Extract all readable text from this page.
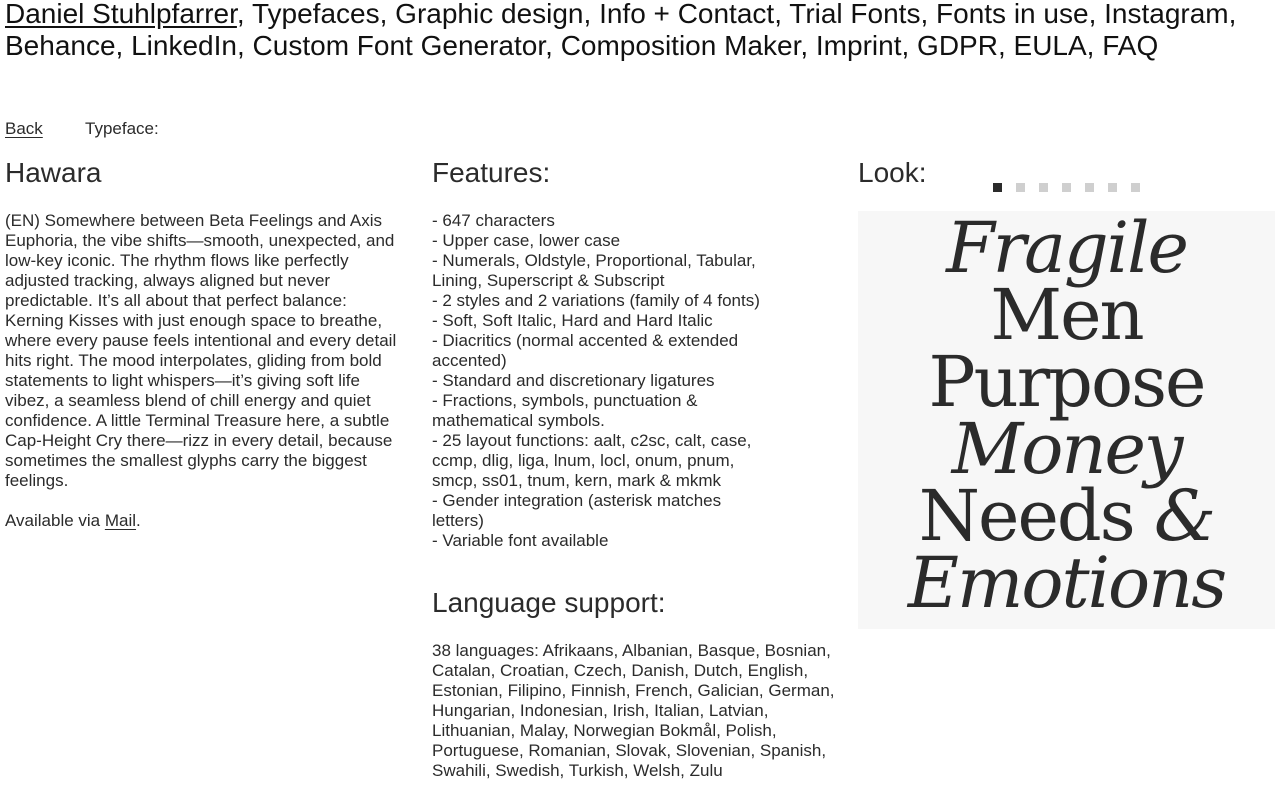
Daniel Stuhlpfarrer, Typefaces, Graphic design, Info + Contact, Trial Fonts, Fonts in use, Instagram, Behance, LinkedIn, Custom Font Generator, Composition Maker, Imprint, GDPR, EULA, FAQ
Back Typeface:
Hawara
(EN) Somewhere between Beta Feelings and Axis
Euphoria, the vibe shifts—smooth, unexpected, and
low-key iconic. The rhythm flows like perfectly
adjusted tracking, always aligned but never
predictable. It’s all about that perfect balance:
Kerning Kisses with just enough space to breathe,
where every pause feels intentional and every detail
hits right. The mood interpolates, gliding from bold
statements to light whispers—it’s giving soft life
vibez, a seamless blend of chill energy and quiet
confidence. A little Terminal Treasure here, a subtle
Cap-Height Cry there—rizz in every detail, because
sometimes the smallest glyphs carry the biggest
feelings.
Available via Mail.
Features:
- 647 characters
- Upper case, lower case
- Numerals, Oldstyle, Proportional, Tabular,
Lining, Superscript & Subscript
- 2 styles and 2 variations (family of 4 fonts)
- Soft, Soft Italic, Hard and Hard Italic
- Diacritics (normal accented & extended
accented)
- Standard and discretionary ligatures
- Fractions, symbols, punctuation &
mathematical symbols.
- 25 layout functions: aalt, c2sc, calt, case,
ccmp, dlig, liga, lnum, locl, onum, pnum,
smcp, ss01, tnum, kern, mark & mkmk
- Gender integration (asterisk matches
letters)
- Variable font available
Language support:
38 languages: Afrikaans, Albanian, Basque, Bosnian,
Catalan, Croatian, Czech, Danish, Dutch, English,
Estonian, Filipino, Finnish, French, Galician, German,
Hungarian, Indonesian, Irish, Italian, Latvian,
Lithuanian, Malay, Norwegian Bokmål, Polish,
Portuguese, Romanian, Slovak, Slovenian, Spanish,
Swahili, Swedish, Turkish, Welsh, Zulu
Look:
Fragile
Men
Purpose
Money
Needs &
Emotions
